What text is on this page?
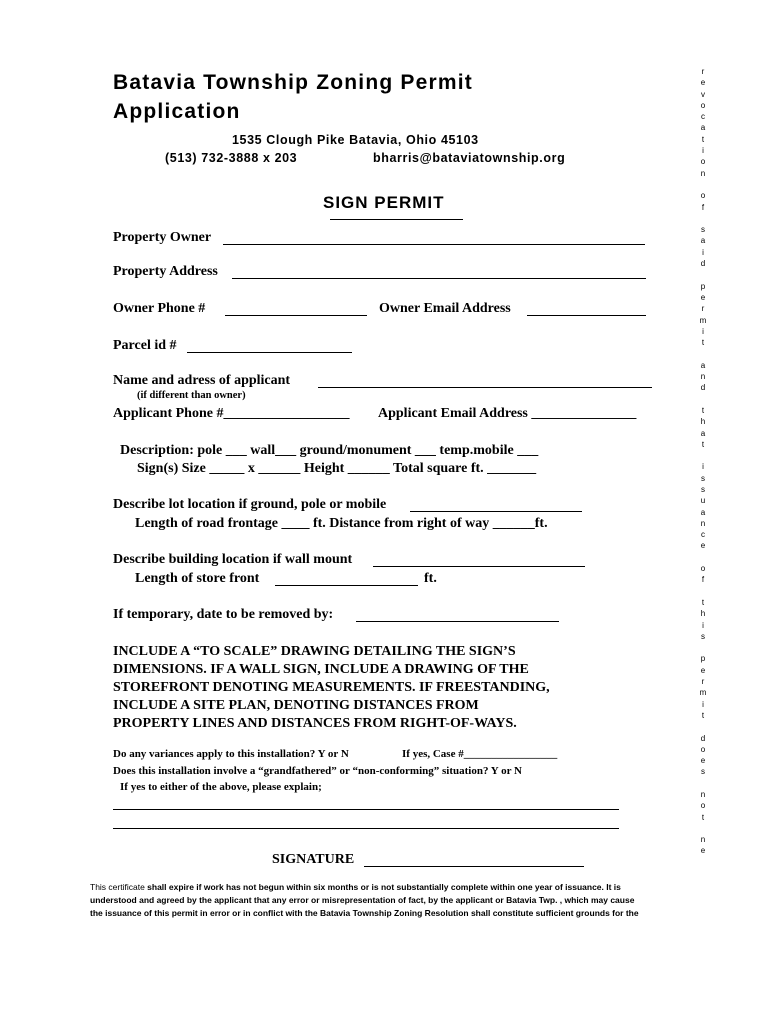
Batavia Township Zoning Permit
Application
1535 Clough Pike Batavia, Ohio 45103
(513) 732-3888 x 203	bharris@bataviatownship.org
SIGN PERMIT
Property Owner
Property Address
Owner Phone #	Owner Email Address
Parcel id #
Name and adress of applicant
(if different than owner)
Applicant Phone #__________________ Applicant Email Address _______________
Description: pole ___ wall___ ground/monument ___ temp.mobile ___
Sign(s) Size _____ x ______ Height ______ Total square ft. _______
Describe lot location if ground, pole or mobile
Length of road frontage ____ ft. Distance from right of way ______ft.
Describe building location if wall mount
Length of store front	ft.
If temporary, date to be removed by:
INCLUDE A “TO SCALE” DRAWING DETAILING THE SIGN’S
DIMENSIONS. IF A WALL SIGN, INCLUDE A DRAWING OF THE
STOREFRONT DENOTING MEASUREMENTS. IF FREESTANDING,
INCLUDE A SITE PLAN, DENOTING DISTANCES FROM
PROPERTY LINES AND DISTANCES FROM RIGHT-OF-WAYS.
Do any variances apply to this installation? Y or N	If yes, Case #_________________
Does this installation involve a “grandfathered” or “non-conforming” situation? Y or N
If yes to either of the above, please explain;
SIGNATURE
This certificate shall expire if work has not begun within six months or is not substantially complete within one year of issuance. It is
understood and agreed by the applicant that any error or misrepresentation of fact, by the applicant or Batavia Twp. , which may cause
the issuance of this permit in error or in conflict with the Batavia Township Zoning Resolution shall constitute sufficient grounds for the
r
e
v
o
c
a
t
i
o
n

o
f

s
a
i
d

p
e
r
m
i
t

a
n
d

t
h
a
t

i
s
s
u
a
n
c
e

o
f

t
h
i
s

p
e
r
m
i
t

d
o
e
s

n
o
t

n
e
